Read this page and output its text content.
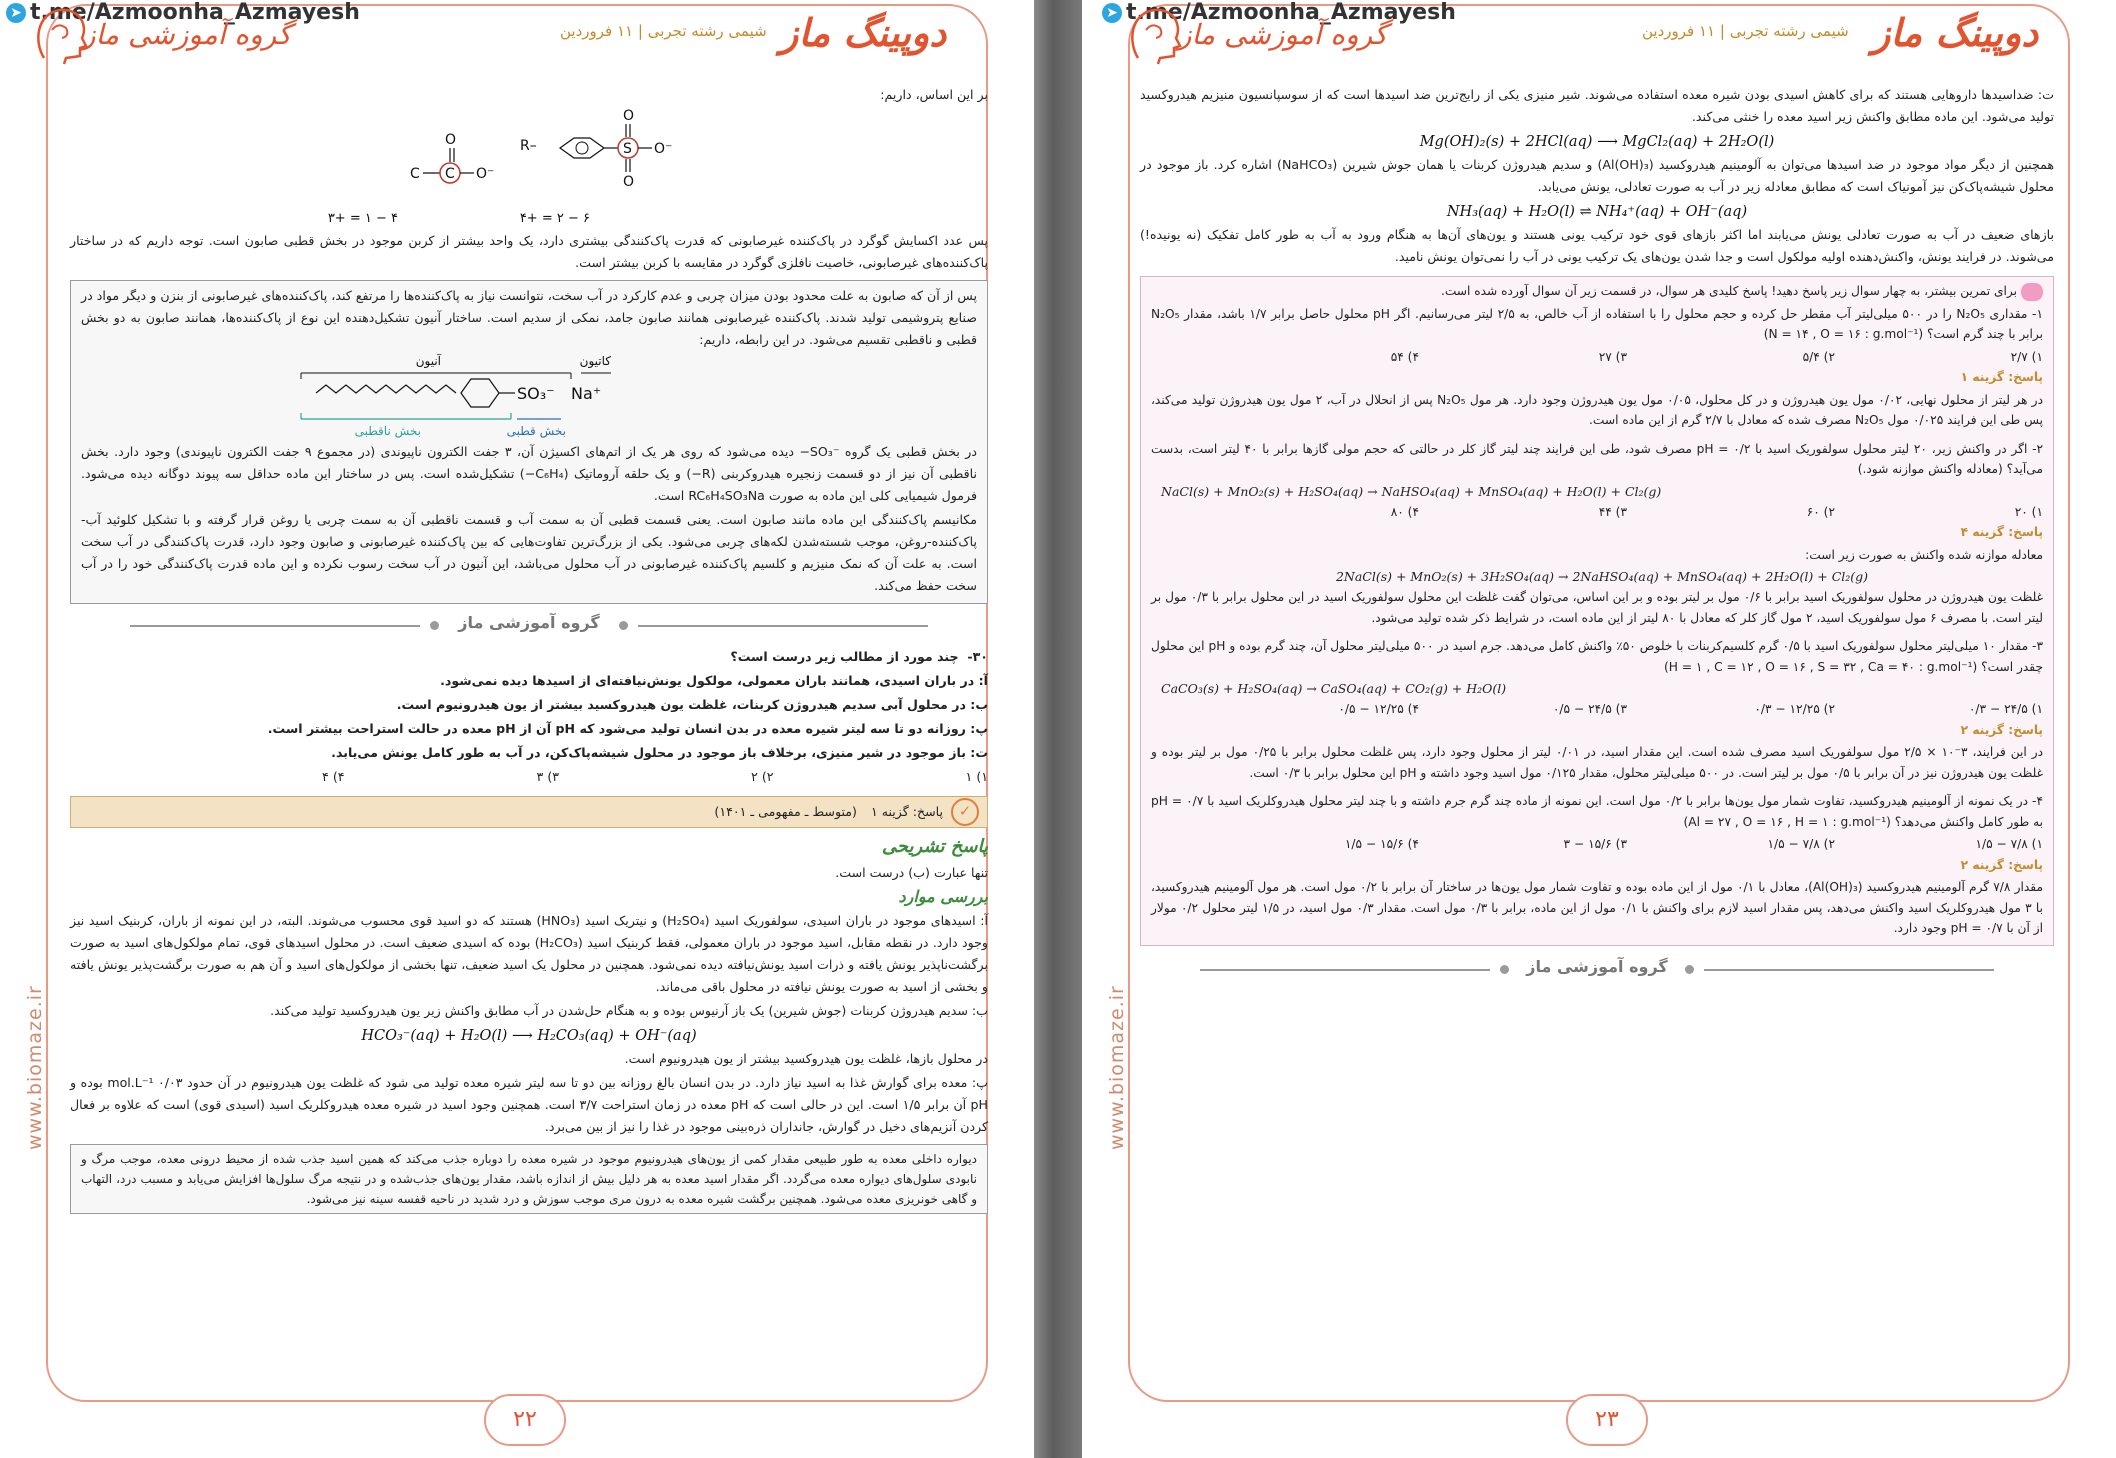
➤ t.me/Azmoonha_Azmayesh
گروه آموزشی ماز	شیمی رشته تجربی | ۱۱ فروردین دوپینگ ماز
بر این اساس، داریم:
C C
O
O⁻
R–	S
O
O
O⁻
۴ − ۱ = +۳	۶ − ۲ = +۴
پس عدد اکسایش گوگرد در پاک‌کننده غیرصابونی که قدرت پاک‌کنندگی بیشتری دارد، یک واحد بیشتر از کربن موجود در بخش قطبی صابون است. توجه داریم که در ساختار پاک‌کننده‌های غیرصابونی، خاصیت نافلزی گوگرد در مقایسه با کربن بیشتر است.
پس از آن که صابون به علت محدود بودن میزان چربی و عدم کارکرد در آب سخت، نتوانست نیاز به پاک‌کننده‌ها را مرتفع کند، پاک‌کننده‌های غیرصابونی از بنزن و دیگر مواد در صنایع پتروشیمی تولید شدند. پاک‌کننده غیرصابونی همانند صابون جامد، نمکی از سدیم است. ساختار آنیون تشکیل‌دهنده این نوع از پاک‌کننده‌ها، همانند صابون به دو بخش قطبی و ناقطبی تقسیم می‌شود. در این رابطه، داریم:
آنیون	کاتیون
SO₃⁻ Na⁺
بخش ناقطبی	بخش قطبی
در بخش قطبی یک گروه ‎−SO₃⁻‎ دیده می‌شود که روی هر یک از اتم‌های اکسیژن آن، ۳ جفت الکترون ناپیوندی (در مجموع ۹ جفت الکترون ناپیوندی) وجود دارد. بخش ناقطبی آن نیز از دو قسمت زنجیره هیدروکربنی (R−) و یک حلقه آروماتیک (C₆H₄−) تشکیل‌شده است. پس در ساختار این ماده حداقل سه پیوند دوگانه دیده می‌شود. فرمول شیمیایی کلی این ماده به صورت RC₆H₄SO₃Na است.
مکانیسم پاک‌کنندگی این ماده مانند صابون است. یعنی قسمت قطبی آن به سمت آب و قسمت ناقطبی آن به سمت چربی یا روغن قرار گرفته و با تشکیل کلوئید آب-پاک‌کننده-روغن، موجب شسته‌شدن لکه‌های چربی می‌شود. یکی از بزرگ‌ترین تفاوت‌هایی که بین پاک‌کننده غیرصابونی و صابون وجود دارد، قدرت پاک‌کنندگی در آب سخت است. به علت آن که نمک منیزیم و کلسیم پاک‌کننده غیرصابونی در آب محلول می‌باشد، این آنیون در آب سخت رسوب نکرده و این ماده قدرت پاک‌کنندگی خود را در آب سخت حفظ می‌کند.
گروه آموزشی ماز
۳۰-  چند مورد از مطالب زیر درست است؟
آ: در باران اسیدی، همانند باران معمولی، مولکول یونش‌نیافته‌ای از اسیدها دیده نمی‌شود.
ب: در محلول آبی سدیم هیدروژن کربنات، غلظت یون هیدروکسید بیشتر از یون هیدرونیوم است.
پ: روزانه دو تا سه لیتر شیره معده در بدن انسان تولید می‌شود که pH آن از pH معده در حالت استراحت بیشتر است.
ت: باز موجود در شیر منیزی، برخلاف باز موجود در محلول شیشه‌پاک‌کن، در آب به طور کامل یونش می‌یابد.
۱) ۱
۲) ۲
۳) ۳
۴) ۴
✓
پاسخ: گزینه ۱
(متوسط ـ مفهومی ـ ۱۴۰۱)
پاسخ تشریحی
تنها عبارت (ب) درست است.
بررسی موارد
آ: اسیدهای موجود در باران اسیدی، سولفوریک اسید (H₂SO₄) و نیتریک اسید (HNO₃) هستند که دو اسید قوی محسوب می‌شوند. البته، در این نمونه از باران، کربنیک اسید نیز وجود دارد. در نقطه مقابل، اسید موجود در باران معمولی، فقط کربنیک اسید (H₂CO₃) بوده که اسیدی ضعیف است. در محلول اسیدهای قوی، تمام مولکول‌های اسید به صورت برگشت‌ناپذیر یونش یافته و ذرات اسید یونش‌نیافته دیده نمی‌شود. همچنین در محلول یک اسید ضعیف، تنها بخشی از مولکول‌های اسید و آن هم به صورت برگشت‌پذیر یونش یافته و بخشی از اسید به صورت یونش نیافته در محلول باقی می‌ماند.
ب: سدیم هیدروژن کربنات (جوش شیرین) یک باز آرنیوس بوده و به هنگام حل‌شدن در آب مطابق واکنش زیر یون هیدروکسید تولید می‌کند.
HCO₃⁻(aq) + H₂O(l) ⟶ H₂CO₃(aq) + OH⁻(aq)
در محلول بازها، غلظت یون هیدروکسید بیشتر از یون هیدرونیوم است.
پ: معده برای گوارش غذا به اسید نیاز دارد. در بدن انسان بالغ روزانه بین دو تا سه لیتر شیره معده تولید می شود که غلظت یون هیدرونیوم در آن حدود ۰/۰۳ mol.L⁻¹ بوده و pH آن برابر ۱/۵ است. این در حالی است که pH معده در زمان استراحت ۳/۷ است. همچنین وجود اسید در شیره معده هیدروکلریک اسید (اسیدی قوی) است که علاوه بر فعال کردن آنزیم‌های دخیل در گوارش، جانداران ذره‌بینی موجود در غذا را نیز از بین می‌برد.
دیواره داخلی معده به طور طبیعی مقدار کمی از یون‌های هیدرونیوم موجود در شیره معده را دوباره جذب می‌کند که همین اسید جذب شده از محیط درونی معده، موجب مرگ و نابودی سلول‌های دیواره معده می‌گردد. اگر مقدار اسید معده به هر دلیل بیش از اندازه باشد، مقدار یون‌های جذب‌شده و در نتیجه مرگ سلول‌ها افزایش می‌یابد و مسبب درد، التهاب و گاهی خونریزی معده می‌شود. همچنین برگشت شیره معده به درون مری موجب سوزش و درد شدید در ناحیه قفسه سینه نیز می‌شود.
www.biomaze.ir
۲۲
➤ t.me/Azmoonha_Azmayesh
گروه آموزشی ماز	شیمی رشته تجربی | ۱۱ فروردین دوپینگ ماز
ت: ضداسیدها داروهایی هستند که برای کاهش اسیدی بودن شیره معده استفاده می‌شوند. شیر منیزی یکی از رایج‌ترین ضد اسیدها است که از سوسپانسیون منیزیم هیدروکسید تولید می‌شود. این ماده مطابق واکنش زیر اسید معده را خنثی می‌کند.
Mg(OH)₂(s) + 2HCl(aq) ⟶ MgCl₂(aq) + 2H₂O(l)
همچنین از دیگر مواد موجود در ضد اسیدها می‌توان به آلومینیم هیدروکسید (Al(OH)₃) و سدیم هیدروژن کربنات یا همان جوش شیرین (NaHCO₃) اشاره کرد. باز موجود در محلول شیشه‌پاک‌کن نیز آمونیاک است که مطابق معادله زیر در آب به صورت تعادلی، یونش می‌یابد.
NH₃(aq) + H₂O(l) ⇌ NH₄⁺(aq) + OH⁻(aq)
بازهای ضعیف در آب به صورت تعادلی یونش می‌یابند اما اکثر بازهای قوی خود ترکیب یونی هستند و یون‌های آن‌ها به هنگام ورود به آب به طور کامل تفکیک (نه یونیده!) می‌شوند. در فرایند یونش، واکنش‌دهنده اولیه مولکول است و جدا شدن یون‌های یک ترکیب یونی در آب را نمی‌توان یونش نامید.
برای تمرین بیشتر، به چهار سوال زیر پاسخ دهید! پاسخ کلیدی هر سوال، در قسمت زیر آن سوال آورده شده است.
۱- مقداری N₂O₅ را در ۵۰۰ میلی‌لیتر آب مقطر حل کرده و حجم محلول را با استفاده از آب خالص، به ۲/۵ لیتر می‌رسانیم. اگر pH محلول حاصل برابر ۱/۷ باشد، مقدار N₂O₅ برابر با چند گرم است؟ (N = ۱۴ , O = ۱۶ : g.mol⁻¹)
۱) ۲/۷
۲) ۵/۴
۳) ۲۷
۴) ۵۴
پاسخ: گزینه ۱
در هر لیتر از محلول نهایی، ۰/۰۲ مول یون هیدروژن و در کل محلول، ۰/۰۵ مول یون هیدروژن وجود دارد. هر مول N₂O₅ پس از انحلال در آب، ۲ مول یون هیدروژن تولید می‌کند، پس طی این فرایند ۰/۰۲۵ مول N₂O₅ مصرف شده که معادل با ۲/۷ گرم از این ماده است.
۲- اگر در واکنش زیر، ۲۰ لیتر محلول سولفوریک اسید با pH = ۰/۲ مصرف شود، طی این فرایند چند لیتر گاز کلر در حالتی که حجم مولی گازها برابر با ۴۰ لیتر است، بدست می‌آید؟ (معادله واکنش موازنه شود.)
NaCl(s) + MnO₂(s) + H₂SO₄(aq) → NaHSO₄(aq) + MnSO₄(aq) + H₂O(l) + Cl₂(g)
۱) ۲۰
۲) ۶۰
۳) ۴۴
۴) ۸۰
پاسخ: گزینه ۴
معادله موازنه شده واکنش به صورت زیر است:
2NaCl(s) + MnO₂(s) + 3H₂SO₄(aq) → 2NaHSO₄(aq) + MnSO₄(aq) + 2H₂O(l) + Cl₂(g)
غلظت یون هیدروژن در محلول سولفوریک اسید برابر با ۰/۶ مول بر لیتر بوده و بر این اساس، می‌توان گفت غلظت این محلول سولفوریک اسید در این محلول برابر با ۰/۳ مول بر لیتر است. با مصرف ۶ مول سولفوریک اسید، ۲ مول گاز کلر که معادل با ۸۰ لیتر از این ماده است، در شرایط ذکر شده تولید می‌شود.
۳- مقدار ۱۰ میلی‌لیتر محلول سولفوریک اسید با ۰/۵ گرم کلسیم‌کربنات با خلوص ۵۰٪ واکنش کامل می‌دهد. جرم اسید در ۵۰۰ میلی‌لیتر محلول آن، چند گرم بوده و pH این محلول چقدر است؟ (H = ۱ , C = ۱۲ , O = ۱۶ , S = ۳۲ , Ca = ۴۰ : g.mol⁻¹)
CaCO₃(s) + H₂SO₄(aq) → CaSO₄(aq) + CO₂(g) + H₂O(l)
۱) ۲۴/۵ − ۰/۳
۲) ۱۲/۲۵ − ۰/۳
۳) ۲۴/۵ − ۰/۵
۴) ۱۲/۲۵ − ۰/۵
پاسخ: گزینه ۲
در این فرایند، ۳⁻۱۰ × ۲/۵ مول سولفوریک اسید مصرف شده است. این مقدار اسید، در ۰/۰۱ لیتر از محلول وجود دارد، پس غلظت محلول برابر با ۰/۲۵ مول بر لیتر بوده و غلظت یون هیدروژن نیز در آن برابر با ۰/۵ مول بر لیتر است. در ۵۰۰ میلی‌لیتر محلول، مقدار ۰/۱۲۵ مول اسید وجود داشته و pH این محلول برابر با ۰/۳ است.
۴- در یک نمونه از آلومینیم هیدروکسید، تفاوت شمار مول یون‌ها برابر با ۰/۲ مول است. این نمونه از ماده چند گرم جرم داشته و با چند لیتر محلول هیدروکلریک اسید با pH = ۰/۷ به طور کامل واکنش می‌دهد؟ (Al = ۲۷ , O = ۱۶ , H = ۱ : g.mol⁻¹)
۱) ۷/۸ − ۱/۵
۲) ۷/۸ − ۱/۵
۳) ۱۵/۶ − ۳
۴) ۱۵/۶ − ۱/۵
پاسخ: گزینه ۲
مقدار ۷/۸ گرم آلومینیم هیدروکسید (Al(OH)₃)، معادل با ۰/۱ مول از این ماده بوده و تفاوت شمار مول یون‌ها در ساختار آن برابر با ۰/۲ مول است. هر مول آلومینیم هیدروکسید، با ۳ مول هیدروکلریک اسید واکنش می‌دهد، پس مقدار اسید لازم برای واکنش با ۰/۱ مول از این ماده، برابر با ۰/۳ مول است. مقدار ۰/۳ مول اسید، در ۱/۵ لیتر محلول ۰/۲ مولار از آن با pH = ۰/۷ وجود دارد.
گروه آموزشی ماز
www.biomaze.ir
۲۳
